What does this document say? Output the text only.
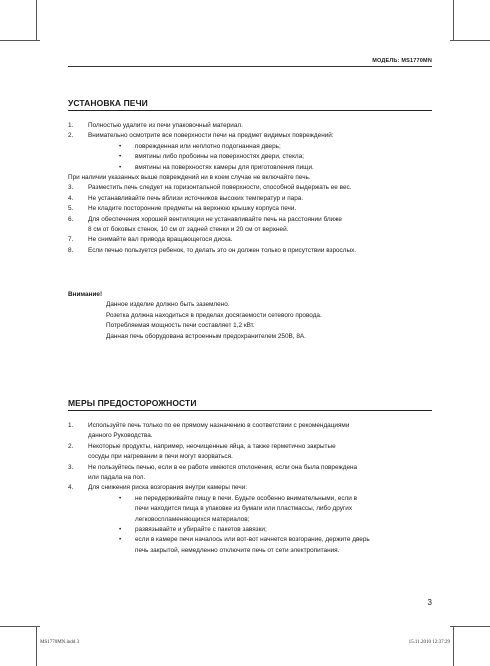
МОДЕЛЬ: MS1770MN
УСТАНОВКА ПЕЧИ
1.	Полностью удалите из печи упаковочный материал.
2.	Внимательно осмотрите все поверхности печи на предмет видимых повреждений:
•	поврежденная или неплотно подогнанная дверь;
•	вмятины либо пробоины на поверхностях двери, стекла;
•	вмятины на поверхностях камеры для приготовления пищи.
При наличии указанных выше повреждений ни в коем случае не включайте печь.
3.	Разместить печь следует на горизонтальной поверхности, способной выдержать ее вес.
4.	Не устанавливайте печь вблизи источников высоких температур и пара.
5.	Не кладите посторонние предметы на верхнюю крышку корпуса печи.
6.	Для обеспечения хорошей вентиляции не устанавливайте печь на расстоянии ближе
8 см от боковых стенок, 10 см от задней стенки и 20 см от верхней.
7.	Не снимайте вал привода вращающегося диска.
8.	Если печью пользуется ребенок, то делать это он должен только в присутствии взрослых.
Внимание!
Данное изделие должно быть заземлено.
Розетка должна находиться в пределах досягаемости сетевого провода.
Потребляемая мощность печи составляет 1,2 кВт.
Данная печь оборудована встроенным предохранителем 250В, 8А.
МЕРЫ ПРЕДОСТОРОЖНОСТИ
1.	Используйте печь только по ее прямому назначению в соответствии с рекомендациями
данного Руководства.
2.	Некоторые продукты, например, неочищенные яйца, а также герметично закрытые
сосуды при нагревании в печи могут взорваться.
3.	Не пользуйтесь печью, если в ее работе имеются отклонения, если она была повреждена
или падала на пол.
4.	Для снижения риска возгорания внутри камеры печи:
•	не передерживайте пищу в печи. Будьте особенно внимательными, если в
печи находится пища в упаковке из бумаги или пластмассы, либо других
легковоспламеняющихся материалов;
•	развязывайте и убирайте с пакетов завязки;
•	если в камере печи началось или вот-вот начнется возгорание, держите дверь
печь закрытой, немедленно отключите печь от сети электропитания.
3
MS1770MN.indd 3	15.11.2010 12:37:29
